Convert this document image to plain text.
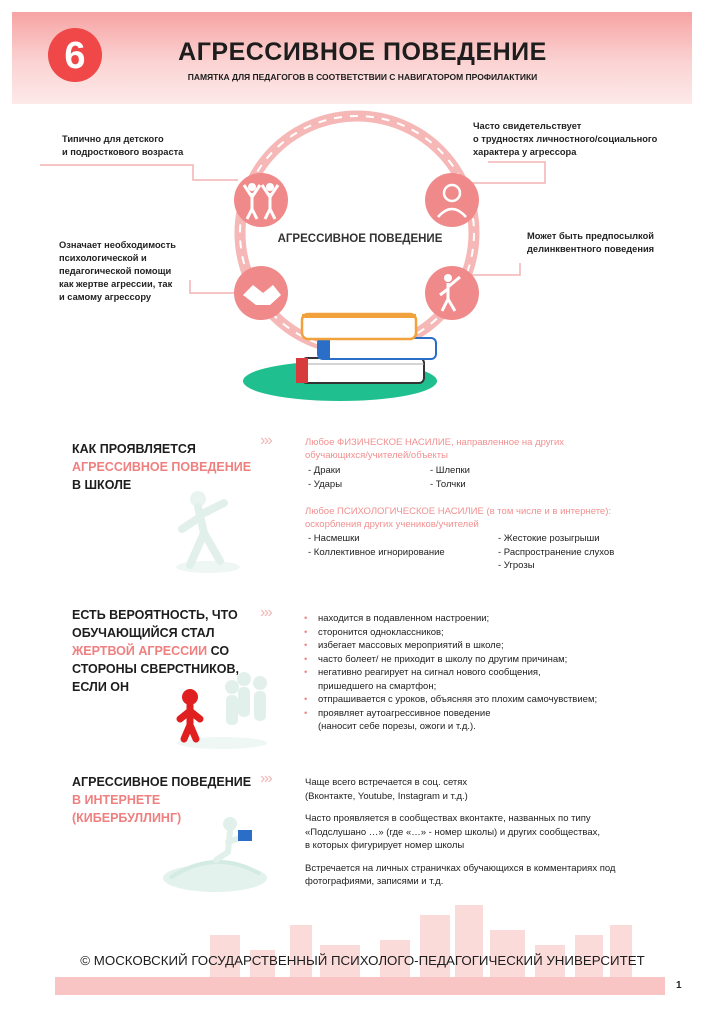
6	АГРЕССИВНОЕ ПОВЕДЕНИЕ
ПАМЯТКА ДЛЯ ПЕДАГОГОВ В СООТВЕТСТВИИ С НАВИГАТОРОМ ПРОФИЛАКТИКИ
АГРЕССИВНОЕ ПОВЕДЕНИЕ
Типично для детского
и подросткового возраста
Часто свидетельствует
о трудностях личностного/социального
характера у агрессора
Означает необходимость
психологической и
педагогической помощи
как жертве агрессии, так
и самому агрессору
Может быть предпосылкой
делинквентного поведения
КАК ПРОЯВЛЯЕТСЯ
АГРЕССИВНОЕ ПОВЕДЕНИЕ
В ШКОЛЕ
› › ›	Любое ФИЗИЧЕСКОЕ НАСИЛИЕ, направленное на других
обучающихся/учителей/объекты
- Драки
- Удары
- Шлепки
- Толчки
Любое ПСИХОЛОГИЧЕСКОЕ НАСИЛИЕ (в том числе и в интернете):
оскорбления других учеников/учителей
- Насмешки
- Коллективное игнорирование
- Жестокие розыгрыши
- Распространение слухов
- Угрозы
ЕСТЬ ВЕРОЯТНОСТЬ, ЧТО
ОБУЧАЮЩИЙСЯ СТАЛ
ЖЕРТВОЙ АГРЕССИИ СО
СТОРОНЫ СВЕРСТНИКОВ,
ЕСЛИ ОН
› › ›
•	находится в подавленном настроении;
• сторонится одноклассников;
• избегает массовых мероприятий в школе;
• часто болеет/ не приходит в школу по другим причинам;
• негативно реагирует на сигнал нового сообщения,
пришедшего на смартфон;
• отпрашивается с уроков, объясняя это плохим самочувствием;
• проявляет аутоагрессивное поведение
(наносит себе порезы, ожоги и т.д.).
АГРЕССИВНОЕ ПОВЕДЕНИЕ
В ИНТЕРНЕТЕ
(КИБЕРБУЛЛИНГ)
› › ›	Чаще всего встречается в соц. сетях
(Вконтакте, Youtube, Instagram и т.д.)

Часто проявляется в сообществах вконтакте, названных по типу
«Подслушано …» (где «…» - номер школы) и других сообществах,
в которых фигурирует номер школы

Встречается на личных страничках обучающихся в комментариях под
фотографиями, записями и т.д.

© МОСКОВСКИЙ ГОСУДАРСТВЕННЫЙ ПСИХОЛОГО-ПЕДАГОГИЧЕСКИЙ УНИВЕРСИТЕТ
1
